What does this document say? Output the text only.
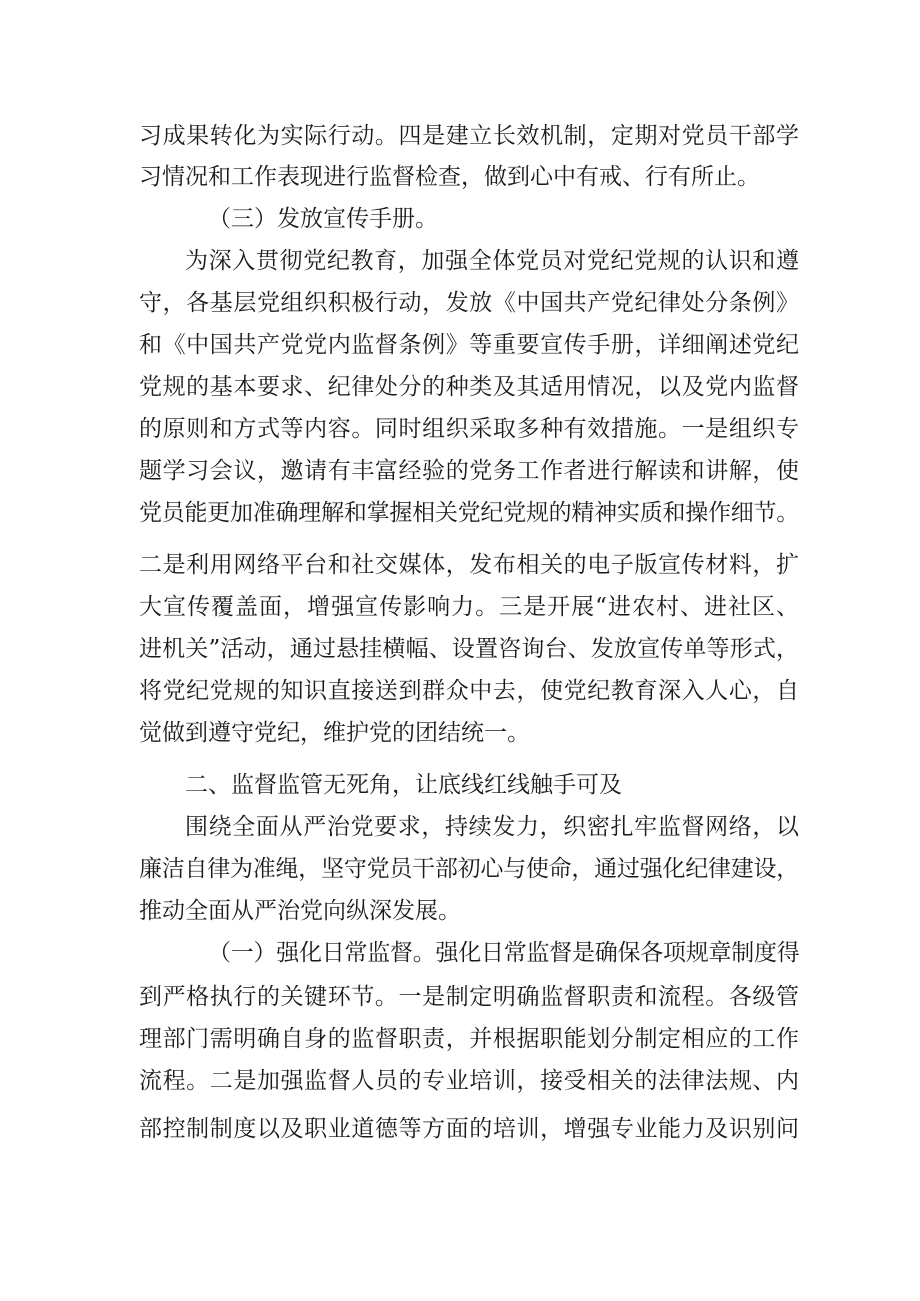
习成果转化为实际行动。四是建立长效机制，定期对党员干部学

习情况和工作表现进行监督检查，做到心中有戒、行有所止。

（三）发放宣传手册。

为深入贯彻党纪教育，加强全体党员对党纪党规的认识和遵

守，各基层党组织积极行动，发放《中国共产党纪律处分条例》

和《中国共产党党内监督条例》等重要宣传手册，详细阐述党纪

党规的基本要求、纪律处分的种类及其适用情况，以及党内监督

的原则和方式等内容。同时组织采取多种有效措施。一是组织专

题学习会议，邀请有丰富经验的党务工作者进行解读和讲解，使

党员能更加准确理解和掌握相关党纪党规的精神实质和操作细节。

二是利用网络平台和社交媒体，发布相关的电子版宣传材料，扩

大宣传覆盖面，增强宣传影响力。三是开展“进农村、进社区、

进机关”活动，通过悬挂横幅、设置咨询台、发放宣传单等形式，

将党纪党规的知识直接送到群众中去，使党纪教育深入人心，自

觉做到遵守党纪，维护党的团结统一。

二、监督监管无死角，让底线红线触手可及

围绕全面从严治党要求，持续发力，织密扎牢监督网络，以

廉洁自律为准绳，坚守党员干部初心与使命，通过强化纪律建设，

推动全面从严治党向纵深发展。

（一）强化日常监督。强化日常监督是确保各项规章制度得

到严格执行的关键环节。一是制定明确监督职责和流程。各级管

理部门需明确自身的监督职责，并根据职能划分制定相应的工作

流程。二是加强监督人员的专业培训，接受相关的法律法规、内

部控制制度以及职业道德等方面的培训，增强专业能力及识别问
